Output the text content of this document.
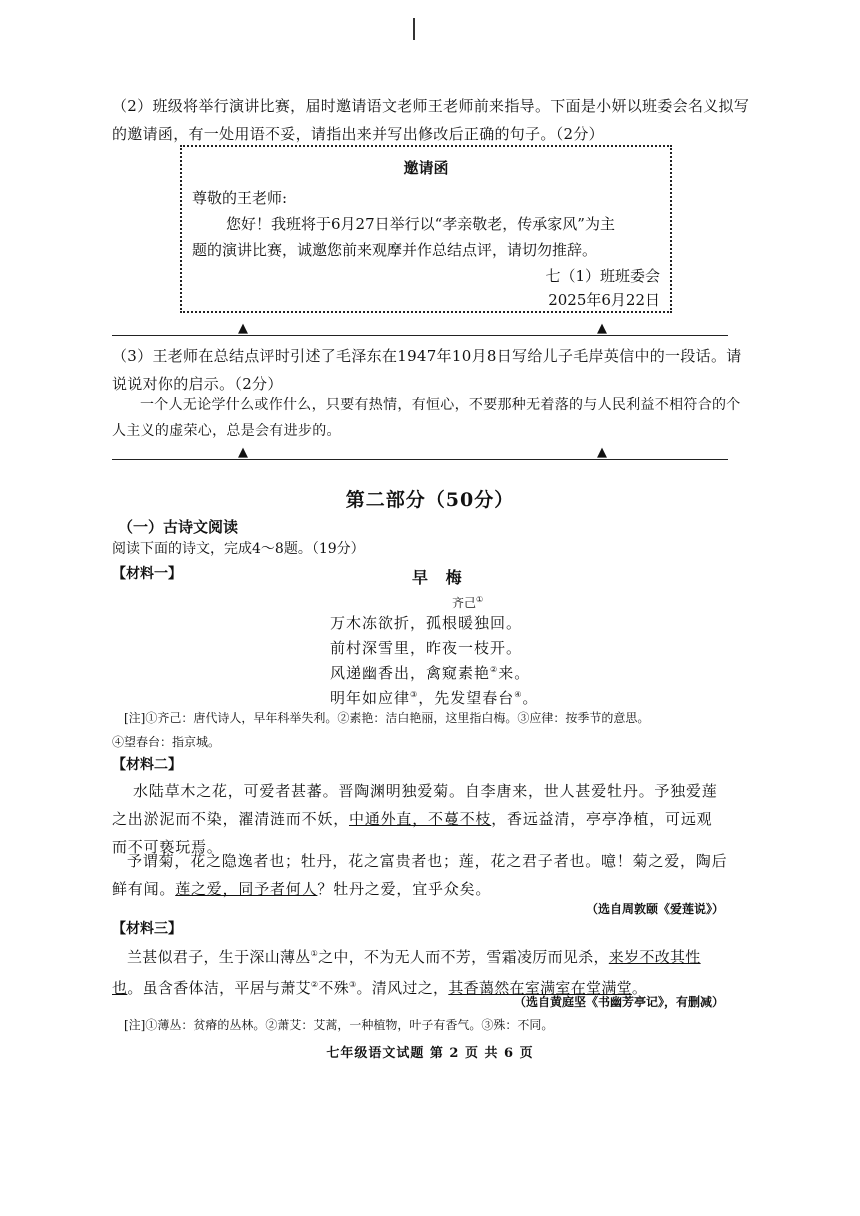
（2）班级将举行演讲比赛，届时邀请语文老师王老师前来指导。下面是小妍以班委会名义拟写的邀请函，有一处用语不妥，请指出来并写出修改后正确的句子。（2分）
邀请函
尊敬的王老师:
您好！我班将于6月27日举行以“孝亲敬老，传承家风”为主
题的演讲比赛，诚邀您前来观摩并作总结点评，请切勿推辞。
七（1）班班委会
2025年6月22日
▲	▲
（3）王老师在总结点评时引述了毛泽东在1947年10月8日写给儿子毛岸英信中的一段话。请说说对你的启示。（2分）
一个人无论学什么或作什么，只要有热情，有恒心，不要那种无着落的与人民利益不相符合的个人主义的虚荣心，总是会有进步的。
▲	▲
第二部分（50分）
（一）古诗文阅读
阅读下面的诗文，完成4～8题。（19分）
【材料一】	早 梅
齐己①
万木冻欲折，孤根暖独回。
前村深雪里，昨夜一枝开。
风递幽香出，禽窥素艳②来。
明年如应律③，先发望春台④。
[注]①齐己：唐代诗人，早年科举失利。②素艳：洁白艳丽，这里指白梅。③应律：按季节的意思。
④望春台：指京城。
【材料二】
水陆草木之花，可爱者甚蕃。晋陶渊明独爱菊。自李唐来，世人甚爱牡丹。予独爱莲之出淤泥而不染，濯清涟而不妖，中通外直，不蔓不枝，香远益清，亭亭净植，可远观而不可亵玩焉。
予谓菊，花之隐逸者也；牡丹，花之富贵者也；莲，花之君子者也。噫！菊之爱，陶后鲜有闻。莲之爱，同予者何人？牡丹之爱，宜乎众矣。
（选自周敦颐《爱莲说》）
【材料三】
兰甚似君子，生于深山薄丛①之中，不为无人而不芳，雪霜凌厉而见杀，来岁不改其性也。虽含香体洁，平居与萧艾②不殊③。清风过之，其香蔼然在室满室在堂满堂。
（选自黄庭坚《书幽芳亭记》，有删减）
[注]①薄丛：贫瘠的丛林。②萧艾：艾蒿，一种植物，叶子有香气。③殊：不同。
七年级语文试题 第 2 页 共 6 页
